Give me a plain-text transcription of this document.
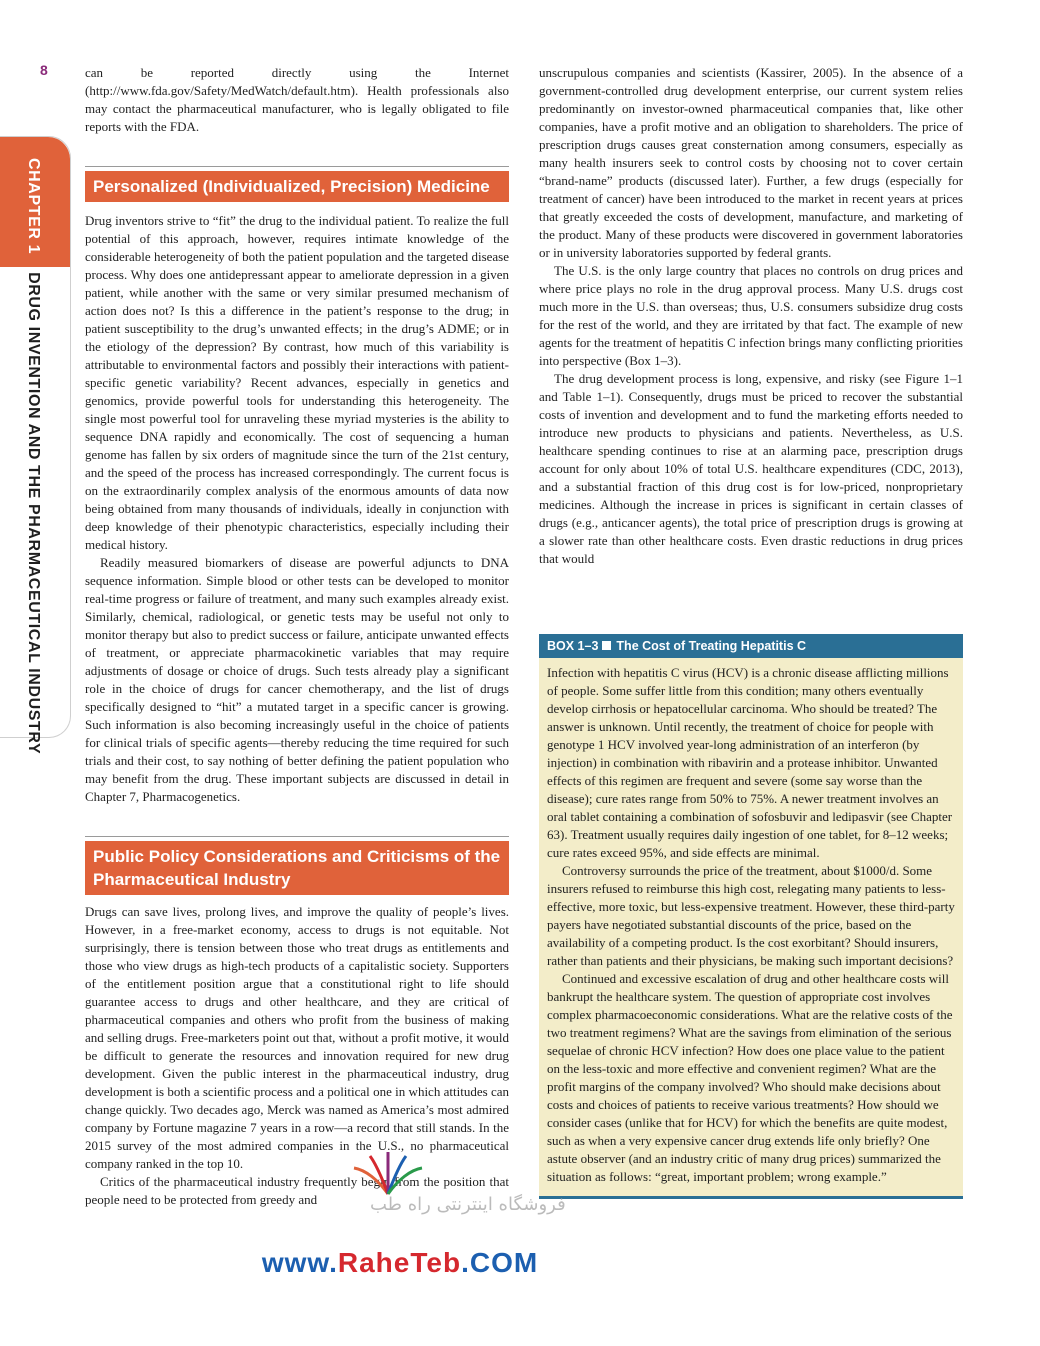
8
CHAPTER 1DRUG INVENTION AND THE PHARMACEUTICAL INDUSTRY

can be reported directly using the Internet (http://www.fda.gov/Safety/MedWatch/default.htm). Health professionals also may contact the pharmaceutical manufacturer, who is legally obligated to file reports with the FDA.

Personalized (Individualized, Precision) Medicine

Drug inventors strive to “fit” the drug to the individual patient. To realize the full potential of this approach, however, requires intimate knowledge of the considerable heterogeneity of both the patient population and the targeted disease process. Why does one antidepressant appear to ameliorate depression in a given patient, while another with the same or very similar presumed mechanism of action does not? Is this a difference in the patient’s response to the drug; in patient susceptibility to the drug’s unwanted effects; in the drug’s ADME; or in the etiology of the depression? By contrast, how much of this variability is attributable to environmental factors and possibly their interactions with patient-specific genetic variability? Recent advances, especially in genetics and genomics, provide powerful tools for understanding this heterogeneity. The single most powerful tool for unraveling these myriad mysteries is the ability to sequence DNA rapidly and economically. The cost of sequencing a human genome has fallen by six orders of magnitude since the turn of the 21st century, and the speed of the process has increased correspondingly. The current focus is on the extraordinarily complex analysis of the enormous amounts of data now being obtained from many thousands of individuals, ideally in conjunction with deep knowledge of their phenotypic characteristics, especially including their medical history.

Readily measured biomarkers of disease are powerful adjuncts to DNA sequence information. Simple blood or other tests can be developed to monitor real-time progress or failure of treatment, and many such examples already exist. Similarly, chemical, radiological, or genetic tests may be useful not only to monitor therapy but also to predict success or failure, anticipate unwanted effects of treatment, or appreciate pharmacokinetic variables that may require adjustments of dosage or choice of drugs. Such tests already play a significant role in the choice of drugs for cancer chemotherapy, and the list of drugs specifically designed to “hit” a mutated target in a specific cancer is growing. Such information is also becoming increasingly useful in the choice of patients for clinical trials of specific agents—thereby reducing the time required for such trials and their cost, to say nothing of better defining the patient population who may benefit from the drug. These important subjects are discussed in detail in Chapter 7, Pharmacogenetics.

Public Policy Considerations and Criticisms of the Pharmaceutical Industry

Drugs can save lives, prolong lives, and improve the quality of people’s lives. However, in a free-market economy, access to drugs is not equitable. Not surprisingly, there is tension between those who treat drugs as entitlements and those who view drugs as high-tech products of a capitalistic society. Supporters of the entitlement position argue that a constitutional right to life should guarantee access to drugs and other healthcare, and they are critical of pharmaceutical companies and others who profit from the business of making and selling drugs. Free-marketers point out that, without a profit motive, it would be difficult to generate the resources and innovation required for new drug development. Given the public interest in the pharmaceutical industry, drug development is both a scientific process and a political one in which attitudes can change quickly. Two decades ago, Merck was named as America’s most admired company by Fortune magazine 7 years in a row—a record that still stands. In the 2015 survey of the most admired companies in the U.S., no pharmaceutical company ranked in the top 10.

Critics of the pharmaceutical industry frequently begin from the position that people need to be protected from greedy and

unscrupulous companies and scientists (Kassirer, 2005). In the absence of a government-controlled drug development enterprise, our current system relies predominantly on investor-owned pharmaceutical companies that, like other companies, have a profit motive and an obligation to shareholders. The price of prescription drugs causes great consternation among consumers, especially as many health insurers seek to control costs by choosing not to cover certain “brand-name” products (discussed later). Further, a few drugs (especially for treatment of cancer) have been introduced to the market in recent years at prices that greatly exceeded the costs of development, manufacture, and marketing of the product. Many of these products were discovered in government laboratories or in university laboratories supported by federal grants.

The U.S. is the only large country that places no controls on drug prices and where price plays no role in the drug approval process. Many U.S. drugs cost much more in the U.S. than overseas; thus, U.S. consumers subsidize drug costs for the rest of the world, and they are irritated by that fact. The example of new agents for the treatment of hepatitis C infection brings many conflicting priorities into perspective (Box 1–3).

The drug development process is long, expensive, and risky (see Figure 1–1 and Table 1–1). Consequently, drugs must be priced to recover the substantial costs of invention and development and to fund the marketing efforts needed to introduce new products to physicians and patients. Nevertheless, as U.S. healthcare spending continues to rise at an alarming pace, prescription drugs account for only about 10% of total U.S. healthcare expenditures (CDC, 2013), and a substantial fraction of this drug cost is for low-priced, nonproprietary medicines. Although the increase in prices is significant in certain classes of drugs (e.g., anticancer agents), the total price of prescription drugs is growing at a slower rate than other healthcare costs. Even drastic reductions in drug prices that would

BOX 1–3 The Cost of Treating Hepatitis C

Infection with hepatitis C virus (HCV) is a chronic disease afflicting millions of people. Some suffer little from this condition; many others eventually develop cirrhosis or hepatocellular carcinoma. Who should be treated? The answer is unknown. Until recently, the treatment of choice for people with genotype 1 HCV involved year-long administration of an interferon (by injection) in combination with ribavirin and a protease inhibitor. Unwanted effects of this regimen are frequent and severe (some say worse than the disease); cure rates range from 50% to 75%. A newer treatment involves an oral tablet containing a combination of sofosbuvir and ledipasvir (see Chapter 63). Treatment usually requires daily ingestion of one tablet, for 8–12 weeks; cure rates exceed 95%, and side effects are minimal.

Controversy surrounds the price of the treatment, about $1000/d. Some insurers refused to reimburse this high cost, relegating many patients to less-effective, more toxic, but less-expensive treatment. However, these third-party payers have negotiated substantial discounts of the price, based on the availability of a competing product. Is the cost exorbitant? Should insurers, rather than patients and their physicians, be making such important decisions?

Continued and excessive escalation of drug and other healthcare costs will bankrupt the healthcare system. The question of appropriate cost involves complex pharmacoeconomic considerations. What are the relative costs of the two treatment regimens? What are the savings from elimination of the serious sequelae of chronic HCV infection? How does one place value to the patient on the less-toxic and more effective and convenient regimen? What are the profit margins of the company involved? Who should make decisions about costs and choices of patients to receive various treatments? How should we consider cases (unlike that for HCV) for which the benefits are quite modest, such as when a very expensive cancer drug extends life only briefly? One astute observer (and an industry critic of many drug prices) summarized the situation as follows: “great, important problem; wrong example.”

فروشگاه اینترنتی راه طب
www.RaheTeb.COM
